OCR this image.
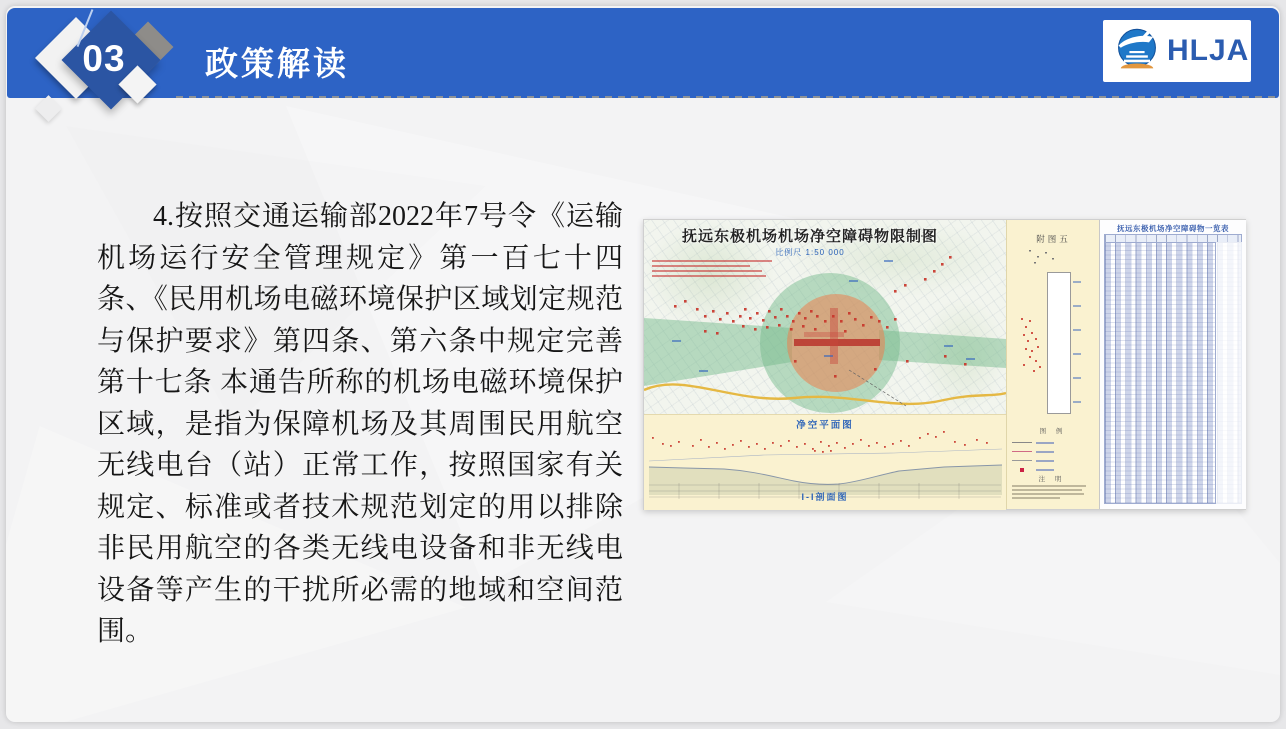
03 政策解读	HLJA
4.按照交通运输部2022年7号令《运输机场运行安全管理规定》第一百七十四条、《民用机场电磁环境保护区域划定规范与保护要求》第四条、第六条中规定完善第十七条 本通告所称的机场电磁环境保护区域，是指为保障机场及其周围民用航空无线电台（站）正常工作，按照国家有关规定、标准或者技术规范划定的用以排除非民用航空的各类无线电设备和非无线电设备等产生的干扰所必需的地域和空间范围。
抚远东极机场机场净空障碍物限制图
比例尺 1:50 000
净空平面图
I-I剖面图
附图五
图 例
注 明
抚远东极机场净空障碍物一览表
